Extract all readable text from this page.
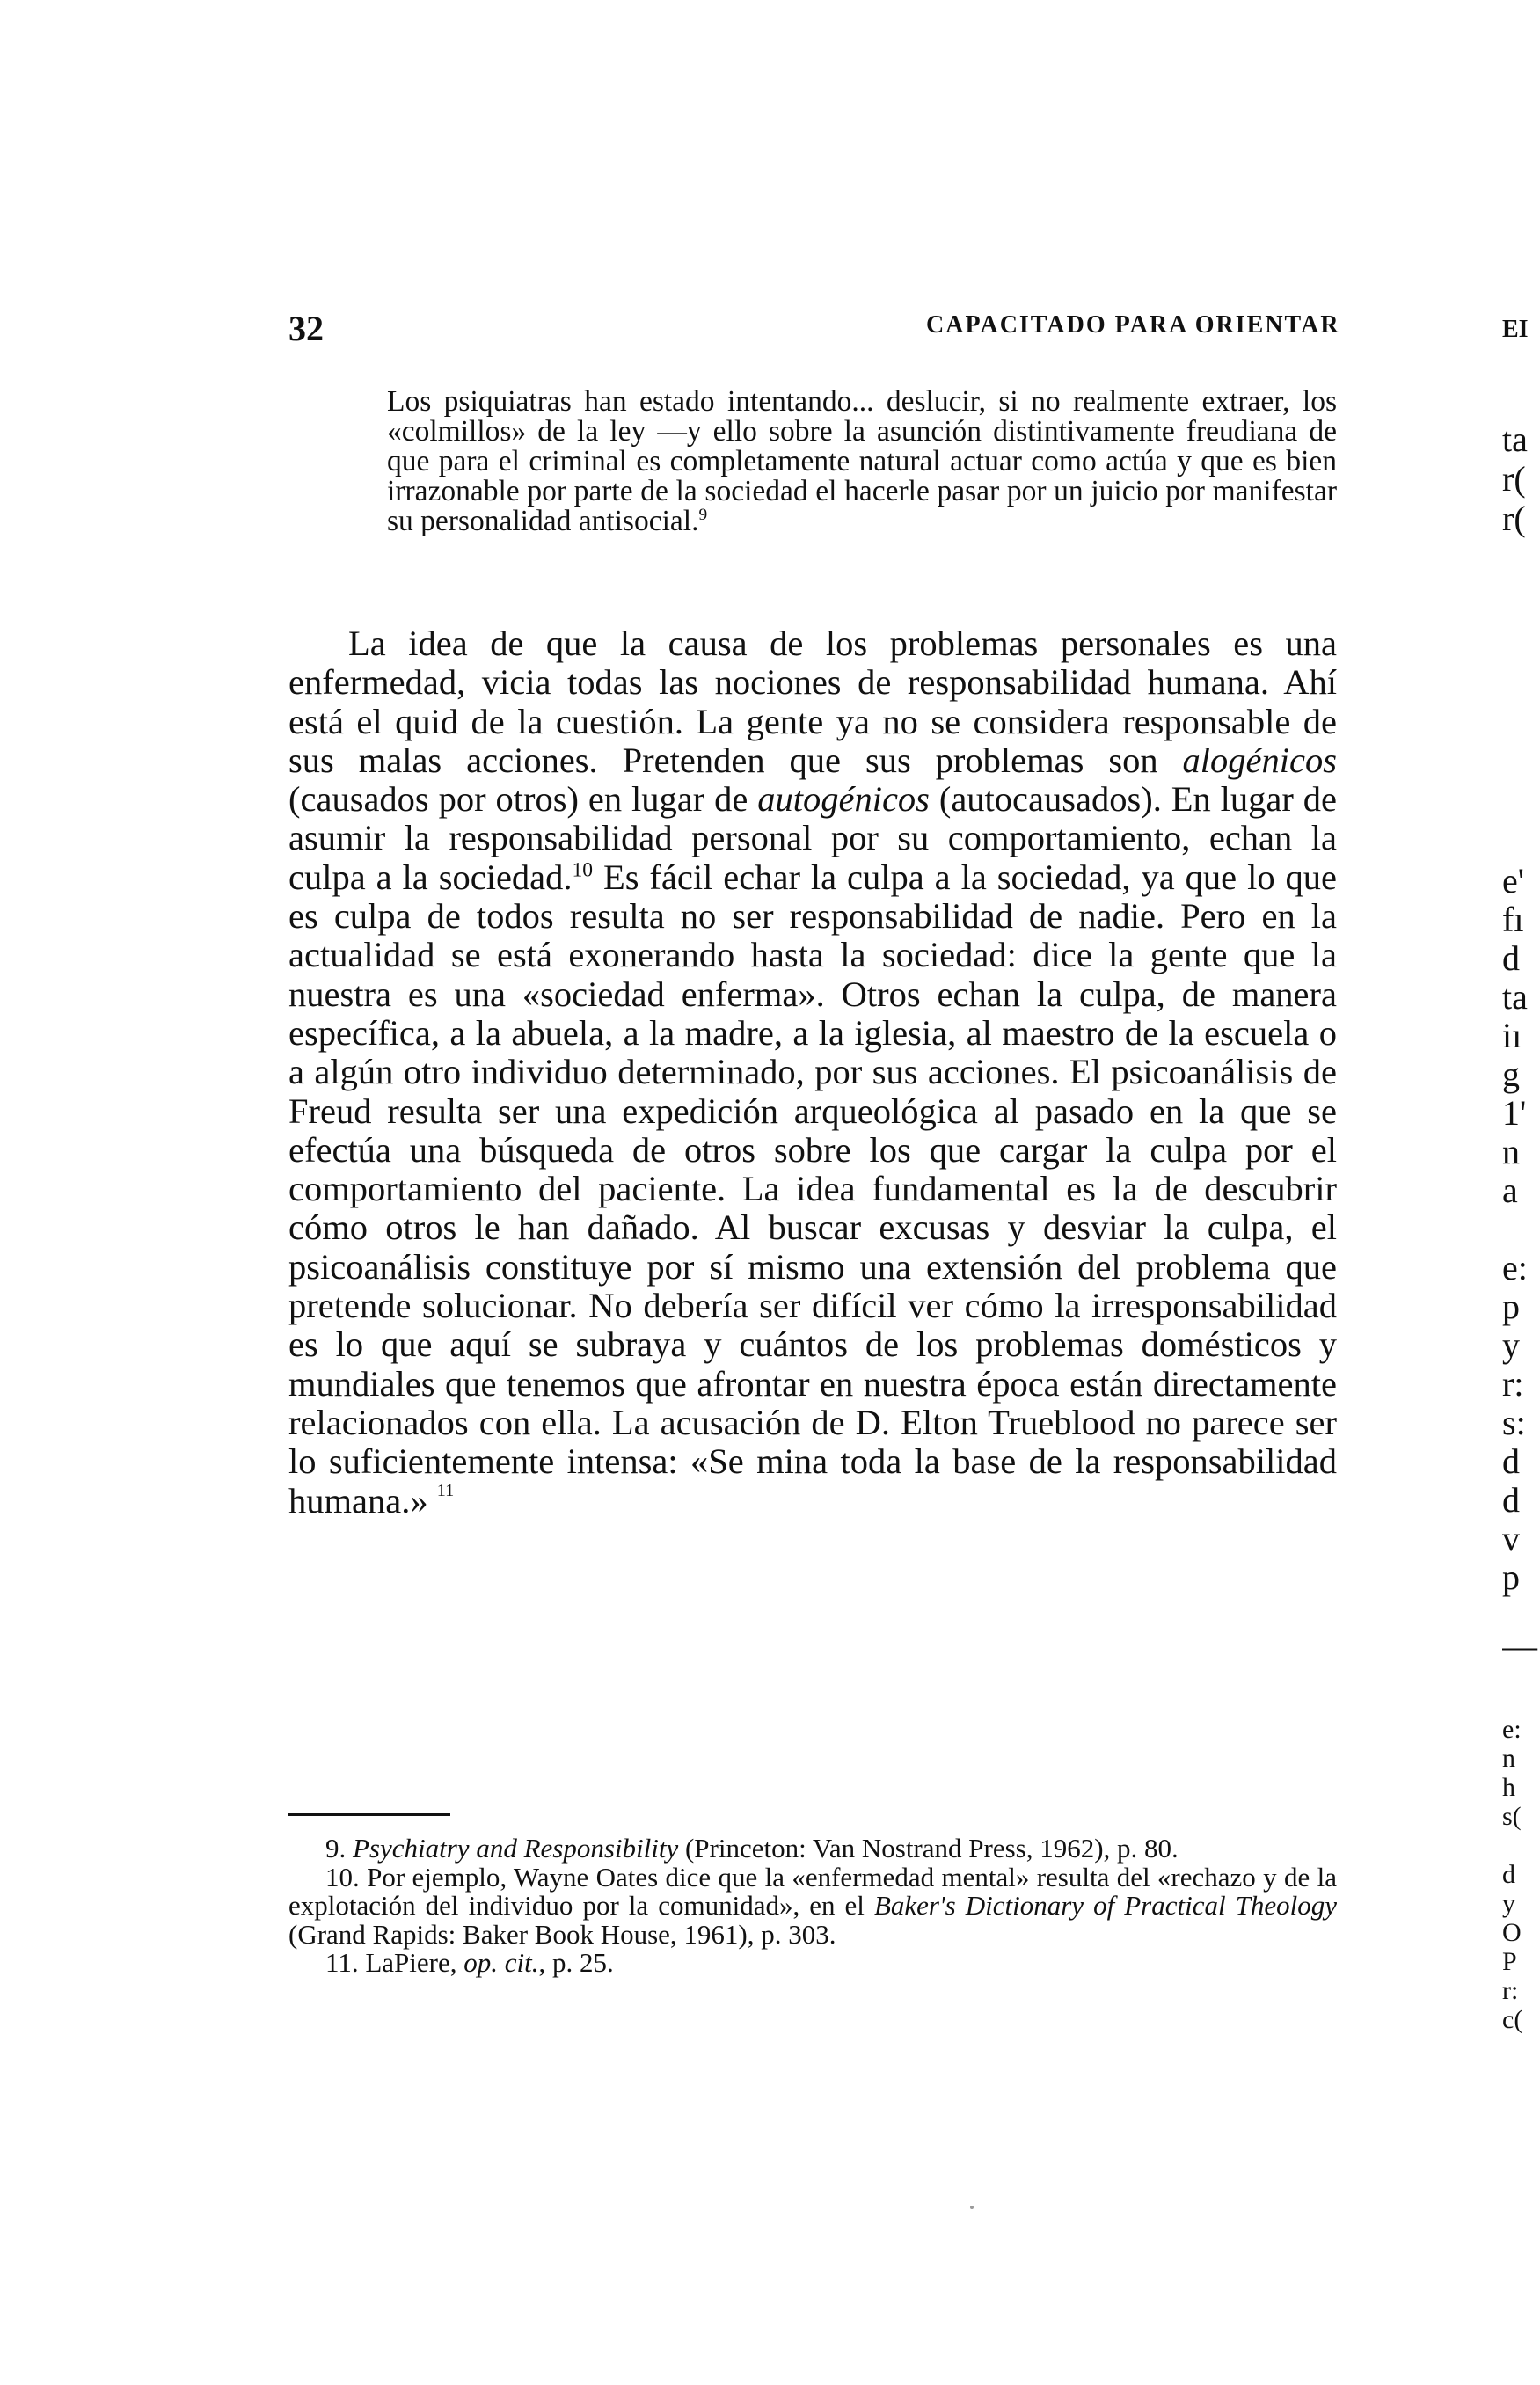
32	CAPACITADO PARA ORIENTAR

Los psiquiatras han estado intentando... deslucir, si no realmente extraer, los «colmillos» de la ley —y ello sobre la asunción distintivamente freudiana de que para el criminal es completamente natural actuar como actúa y que es bien irrazonable por parte de la sociedad el hacerle pasar por un juicio por manifestar su personalidad antisocial.$^9$

La idea de que la causa de los problemas personales es una enfermedad, vicia todas las nociones de responsabilidad humana. Ahí está el quid de la cuestión. La gente ya no se considera responsable de sus malas acciones. Pretenden que sus problemas son alogénicos (causados por otros) en lugar de autogénicos (autocausados). En lugar de asumir la responsabilidad personal por su comportamiento, echan la culpa a la sociedad.$^{10}$ Es fácil echar la culpa a la sociedad, ya que lo que es culpa de todos resulta no ser responsabilidad de nadie. Pero en la actualidad se está exonerando hasta la sociedad: dice la gente que la nuestra es una «sociedad enferma». Otros echan la culpa, de manera específica, a la abuela, a la madre, a la iglesia, al maestro de la escuela o a algún otro individuo determinado, por sus acciones. El psicoanálisis de Freud resulta ser una expedición arqueológica al pasado en la que se efectúa una búsqueda de otros sobre los que cargar la culpa por el comportamiento del paciente. La idea fundamental es la de descubrir cómo otros le han dañado. Al buscar excusas y desviar la culpa, el psicoanálisis constituye por sí mismo una extensión del problema que pretende solucionar. No debería ser difícil ver cómo la irresponsabilidad es lo que aquí se subraya y cuántos de los problemas domésticos y mundiales que tenemos que afrontar en nuestra época están directamente relacionados con ella. La acusación de D. Elton Trueblood no parece ser lo suficientemente intensa: «Se mina toda la base de la responsabilidad humana.» $^{11}$

9. Psychiatry and Responsibility (Princeton: Van Nostrand Press, 1962), p. 80.

10. Por ejemplo, Wayne Oates dice que la «enfermedad mental» resulta del «rechazo y de la explotación del individuo por la comunidad», en el Baker's Dictionary of Practical Theology (Grand Rapids: Baker Book House, 1961), p. 303.

11. LaPiere, op. cit., p. 25.

EI
ta
r(
r(
e'
fı
d
ta
iı
g
1'
n
a
e:
p
y
r:
s:
d
d
v
p
—
e:
n
h
s(
d
y
O
P
r:
c(
